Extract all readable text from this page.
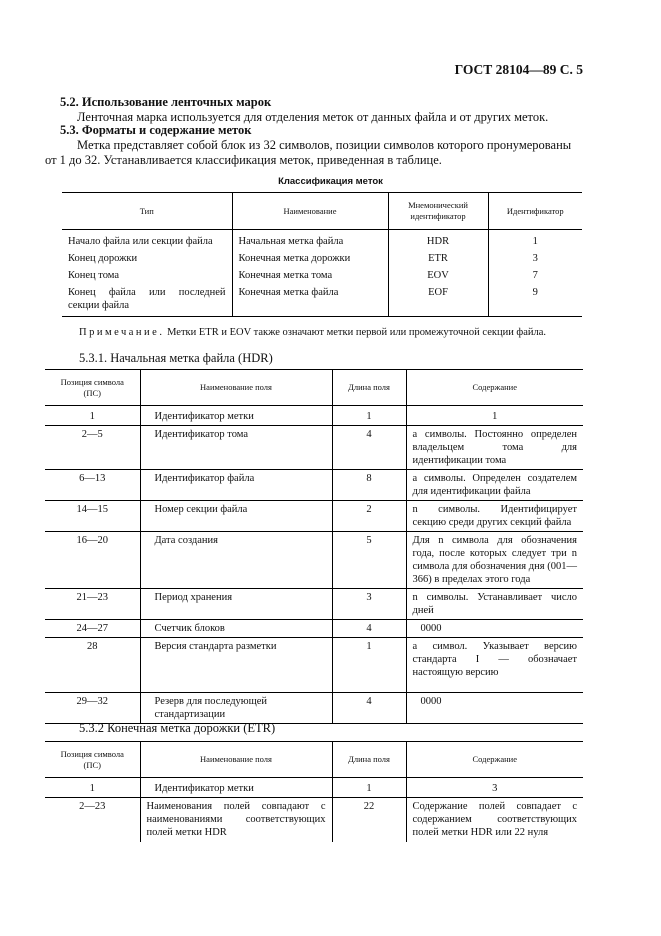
ГОСТ 28104—89 С. 5
5.2. Использование ленточных марок
Ленточная марка используется для отделения меток от данных файла и от других меток.
5.3. Форматы и содержание меток
Метка представляет собой блок из 32 символов, позиции символов которого пронумерованы
от 1 до 32. Устанавливается классификация меток, приведенная в таблице.
Классификация меток
Тип	Наименование	Мнемонический идентификатор	Идентификатор
Начало файла или секции файла	Начальная метка файла	HDR	1
Конец дорожки	Конечная метка дорожки	ETR	3
Конец тома	Конечная метка тома	EOV	7
Конец файла или последней секции файла	Конечная метка файла	EOF	9
Примечание. Метки ETR и EOV также означают метки первой или промежуточной секции файла.
5.3.1. Начальная метка файла (HDR)
Позиция символа (ПС)	Наименование поля	Длина поля	Содержание
1	Идентификатор метки	1	1
2—5	Идентификатор тома	4	a символы. Постоянно определен владельцем тома для идентификации тома
6—13	Идентификатор файла	8	a символы. Определен создателем для идентификации файла
14—15	Номер секции файла	2	n символы. Идентифицирует секцию среди других секций файла
16—20	Дата создания	5	Для n символа для обозначения года, после которых следует три n символа для обозначения дня (001—366) в пределах этого года
21—23	Период хранения	3	n символы. Устанавливает число дней
24—27	Счетчик блоков	4	0000
28	Версия стандарта разметки	1	a символ. Указывает версию стандарта I — обозначает настоящую версию
29—32	Резерв для последующей стандартизации	4	0000
5.3.2 Конечная метка дорожки (ETR)
Позиция символа (ПС)	Наименование поля	Длина поля	Содержание
1	Идентификатор метки	1	3
2—23	Наименования полей совпадают с наименованиями соответствующих полей метки HDR	22	Содержание полей совпадает с содержанием соответствующих полей метки HDR или 22 нуля
